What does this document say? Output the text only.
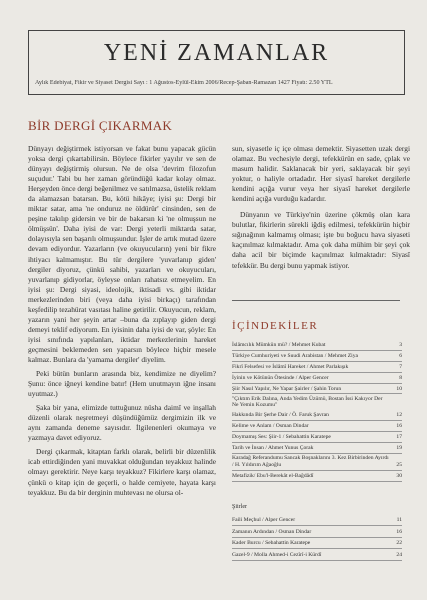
YENİ ZAMANLAR
Aylık Edebiyat, Fikir ve Siyaset Dergisi Sayı : 1 Ağustos-Eylül-Ekim 2006/Recep-Şaban-Ramazan 1427 Fiyatı: 2.50 YTL
BİR DERGİ ÇIKARMAK

Dünyayı değiştirmek istiyorsan ve fakat bunu yapacak gücün yoksa dergi çıkartabilirsin. Böylece fikirler yayılır ve sen de dünyayı değiştirmiş olursun. Ne de olsa 'devrim filozofun suçudur.' Tabi bu her zaman göründüğü kadar kolay olmaz. Herşeyden önce dergi beğenilmez ve satılmazsa, üstelik reklam da alamazsan batarsın. Bu, kötü hikâye; iyisi şu: Dergi bir miktar satar, ama 'ne onduruz ne öldürür' cinsinden, sen de peşine takılıp gidersin ve bir de bakarsın ki 'ne olmuşsun ne ölmüşsün'. Daha iyisi de var: Dergi yeterli miktarda satar, dolayısıyla sen başarılı olmuşsundur. İşler de artık mutad üzere devam ediyordur. Yazarların (ve okuyucuların) yeni bir fikre ihtiyacı kalmamıştır. Bu tür dergilere 'yuvarlanıp giden' dergiler diyoruz, çünkü sahibi, yazarları ve okuyucuları, yuvarlanıp gidiyorlar, öyleyse onları rahatsız etmeyelim. En iyisi şu: Dergi siyasi, ideolojik, iktisadi vs. gibi iktidar merkezlerinden biri (veya daha iyisi birkaçı) tarafından keşfedilip tezahürat vasıtası haline getirilir. Okuyucun, reklam, yazarın yani her şeyin artar –buna da zıplayıp giden dergi demeyi teklif ediyorum. En iyisinin daha iyisi de var, şöyle: En iyisi sınıfında yapılanları, iktidar merkezlerinin hareket geçmesini beklemeden sen yaparsın böylece hiçbir mesele kalmaz. Bunlara da 'yamama dergiler' diyelim.

Peki bütün bunların arasında biz, kendimize ne diyelim? Şunu: önce iğneyi kendine batır! (Hem unutmayın iğne insanı uyutmaz.)

Şaka bir yana, elimizde tuttuğunuz nüsha daimî ve inşallah düzenli olarak neşretmeyi düşündüğümüz dergimizin ilk ve aynı zamanda deneme sayısıdır. İlgilenenleri okumaya ve yazmaya davet ediyoruz.

Dergi çıkarmak, kitaptan farklı olarak, belirli bir düzenlilik icab ettirdiğinden yani muvakkat olduğundan teyakkuz halinde olmayı gerektirir. Neye karşı teyakkuz? Fikirlere karşı olamaz, çünkü o kitap için de geçerli, o halde cemiyete, hayata karşı teyakkuz. Bu da bir derginin muhtevası ne olursa ol-

sun, siyasetle iç içe olması demektir. Siyasetten uzak dergi olamaz. Bu vechesiyle dergi, tefekkürün en sade, çplak ve masum halidir. Saklanacak bir yeri, saklayacak bir şeyi yoktur, o haliyle ortadadır. Her siyasî hareket dergilerle kendini açığa vurur veya her siyasî hareket dergilerle kendini açığa vurduğu kadardır.

Dünyanın ve Türkiye'nin üzerine çökmüş olan kara bulutlar, fikirlerin sürekli iğdiş edilmesi, tefekkürün hiçbir sığınağının kalmamış olması; işte bu boğucu hava siyaseti kaçınılmaz kılmaktadır. Ama çok daha mühim bir şeyi çok daha acil bir biçimde kaçınılmaz kılmaktadır: Siyasî tefekkür. Bu dergi bunu yapmak istiyor.

İÇİNDEKİLER
İslâmcılık Mümkün mü? / Mehmet Kubat	3
Türkiye Cumhuriyeti ve Suudi Arabistan / Mehmet Ziya	6
Fikrî Felsefesi ve İslâmî Hareket / Ahmet Parlakışık	7
İyinin ve Kötünün Ötesinde / Alper Gencer	8
Şiir Nasıl Yapılır, Ne Yapar Şairler / Şahin Torun	10
"Çıktım Erik Dalına, Anda Yedim Üzümü, Bostan İssi Kakıyor Der Ne Yemin Kozumu"
Hakkında Bir Şerhe Dair / Ö. Faruk Şavran	12
Kelime ve Anlam / Osman Dindar	16
Doymamış Ses: Şiir-1 / Sebahattin Karatepe	17
Tarih ve İnsan / Ahmet Yunus Çorak	19
Karadağ Referandumu Sancak Boşnaklarını 3. Kez Birbirinden Ayırdı / H. Yıldırım Ağaoğlu	25
Metafizik/ Ebu'l-Berekât el-Bağdâdî	30
Şiirler
Faili Meçhul / Alper Gencer	11
Zamanın Ardından / Osman Dindar	16
Kader Burcu / Sebahattin Karatepe	22
Gazel-9 / Molla Ahmed-i Cezîrî-i Kürdî	24
